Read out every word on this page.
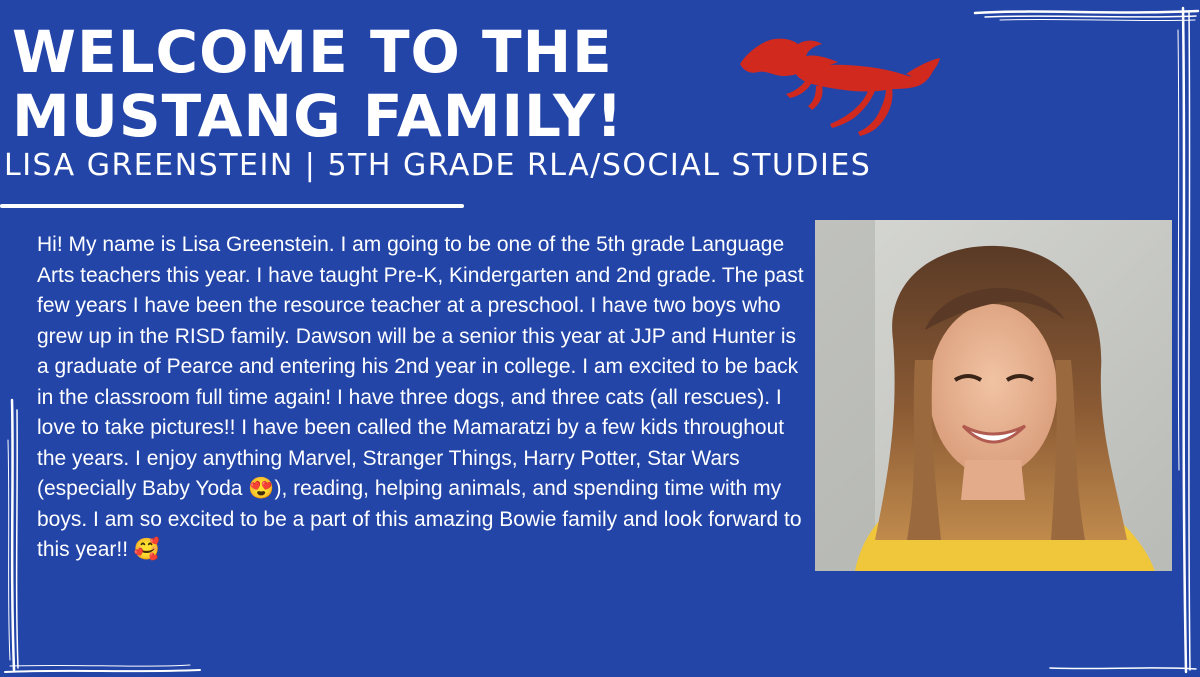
WELCOME TO THE
MUSTANG FAMILY!
LISA GREENSTEIN | 5TH GRADE RLA/SOCIAL STUDIES

Hi! My name is Lisa Greenstein. I am going to be one of the 5th grade Language Arts teachers this year. I have taught Pre-K, Kindergarten and 2nd grade. The past few years I have been the resource teacher at a preschool. I have two boys who grew up in the RISD family. Dawson will be a senior this year at JJP and Hunter is a graduate of Pearce and entering his 2nd year in college. I am excited to be back in the classroom full time again! I have three dogs, and three cats (all rescues). I love to take pictures!! I have been called the Mamaratzi by a few kids throughout the years. I enjoy anything Marvel, Stranger Things, Harry Potter, Star Wars (especially Baby Yoda 😍), reading, helping animals, and spending time with my boys. I am so excited to be a part of this amazing Bowie family and look forward to this year!! 🥰
